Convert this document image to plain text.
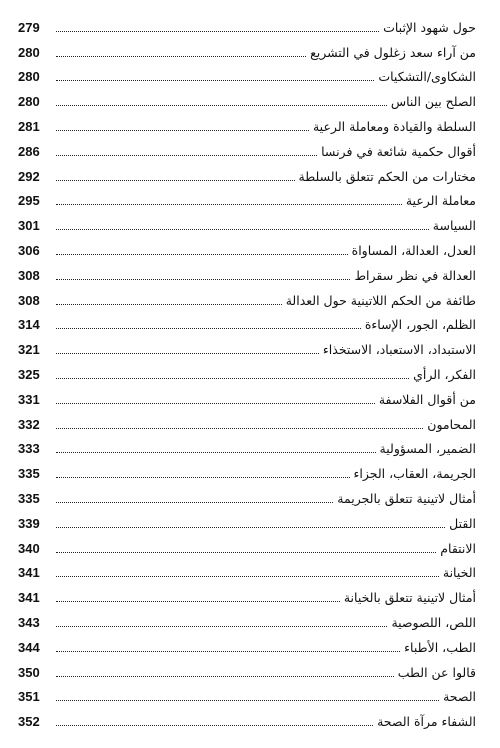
279	حول شهود الإثبات
280	من آراء سعد زغلول في التشريع
280	الشكاوى/التشكيات
280	الصلح بين الناس
281	السلطة والقيادة ومعاملة الرعية
286	أقوال حكمية شائعة في فرنسا
292	مختارات من الحكم تتعلق بالسلطة
295	معاملة الرعية
301	السياسة
306	العدل، العدالة، المساواة
308	العدالة في نظر سقراط
308	طائفة من الحكم اللاتينية حول العدالة
314	الظلم، الجور، الإساءة
321	الاستبداد، الاستعباد، الاستخذاء
325	الفكر، الرأي
331	من أقوال الفلاسفة
332	المحامون
333	الضمير، المسؤولية
335	الجريمة، العقاب، الجزاء
335	أمثال لاتينية تتعلق بالجريمة
339	القتل
340	الانتقام
341	الخيانة
341	أمثال لاتينية تتعلق بالخيانة
343	اللص، اللصوصية
344	الطب، الأطباء
350	قالوا عن الطب
351	الصحة
352	الشفاء مرآة الصحة
